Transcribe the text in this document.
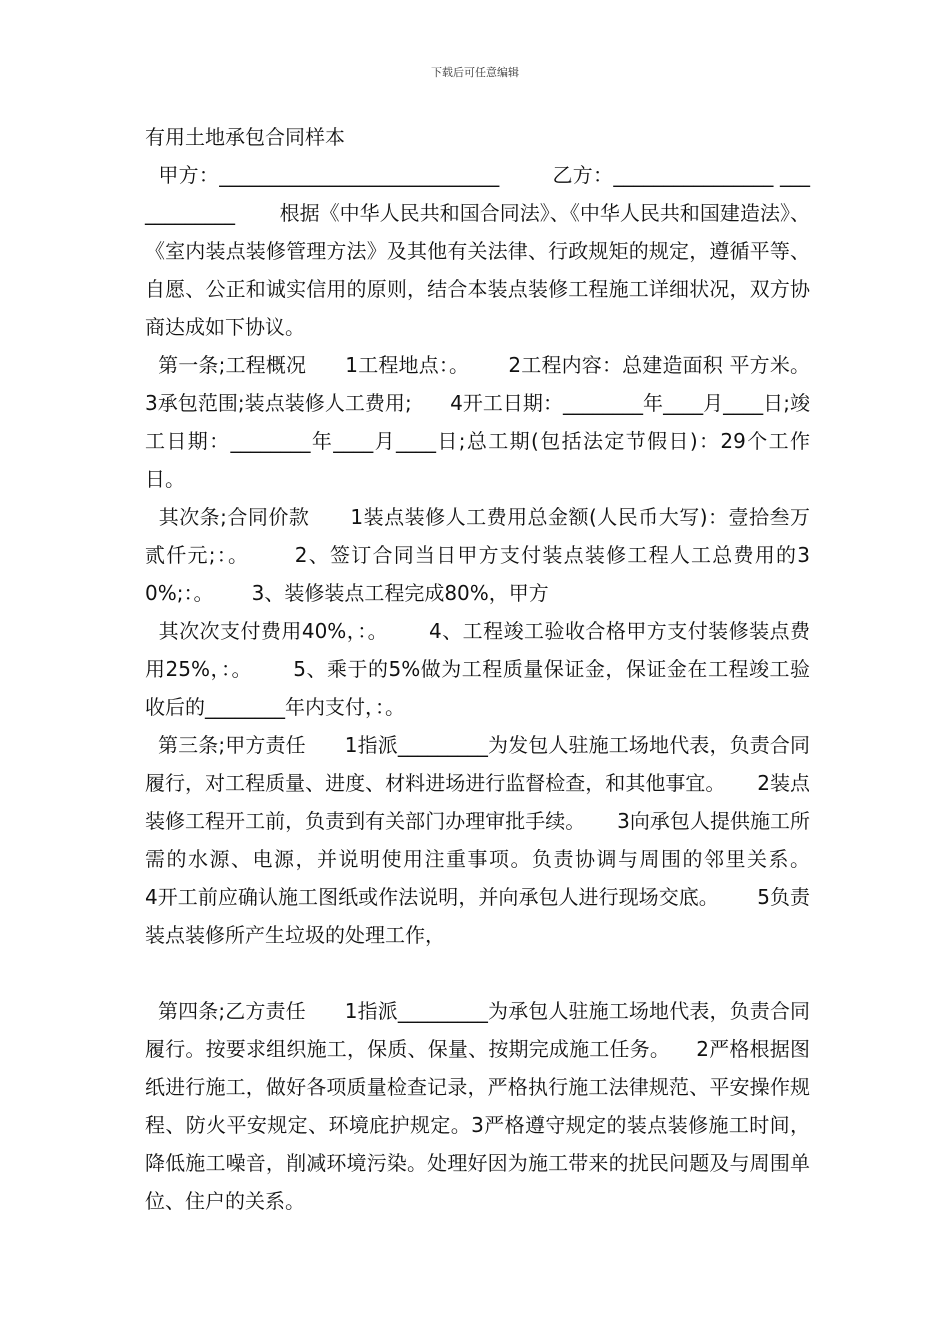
下载后可任意编辑
有用土地承包合同样本
甲方：____________________________        乙方：________________ ____________       根据《中华人民共和国合同法》、《中华人民共和国建造法》、《室内装点装修管理方法》及其他有关法律、行政规矩的规定，遵循平等、自愿、公正和诚实信用的原则，结合本装点装修工程施工详细状况，双方协商达成如下协议。
第一条;工程概况      1工程地点：。      2工程内容：总建造面积 平方米。     3承包范围;装点装修人工费用;      4开工日期：________年____月____日;竣工日期：________年____月____日;总工期(包括法定节假日)：29个工作日。
其次条;合同价款      1装点装修人工费用总金额(人民币大写)：壹拾叁万贰仟元;：。      2、签订合同当日甲方支付装点装修工程人工总费用的30%;：。      3、装修装点工程完成80%，甲方
其次次支付费用40%，：。      4、工程竣工验收合格甲方支付装修装点费用25%，：。      5、乘于的5%做为工程质量保证金，保证金在工程竣工验收后的________年内支付，：。
第三条;甲方责任      1指派_________为发包人驻施工场地代表，负责合同履行，对工程质量、进度、材料进场进行监督检查，和其他事宜。     2装点装修工程开工前，负责到有关部门办理审批手续。     3向承包人提供施工所需的水源、电源，并说明使用注重事项。负责协调与周围的邻里关系。      4开工前应确认施工图纸或作法说明，并向承包人进行现场交底。      5负责装点装修所产生垃圾的处理工作，
第四条;乙方责任      1指派_________为承包人驻施工场地代表，负责合同履行。按要求组织施工，保质、保量、按期完成施工任务。    2严格根据图纸进行施工，做好各项质量检查记录，严格执行施工法律规范、平安操作规程、防火平安规定、环境庇护规定。3严格遵守规定的装点装修施工时间，降低施工噪音，削减环境污染。处理好因为施工带来的扰民问题及与周围单位、住户的关系。
